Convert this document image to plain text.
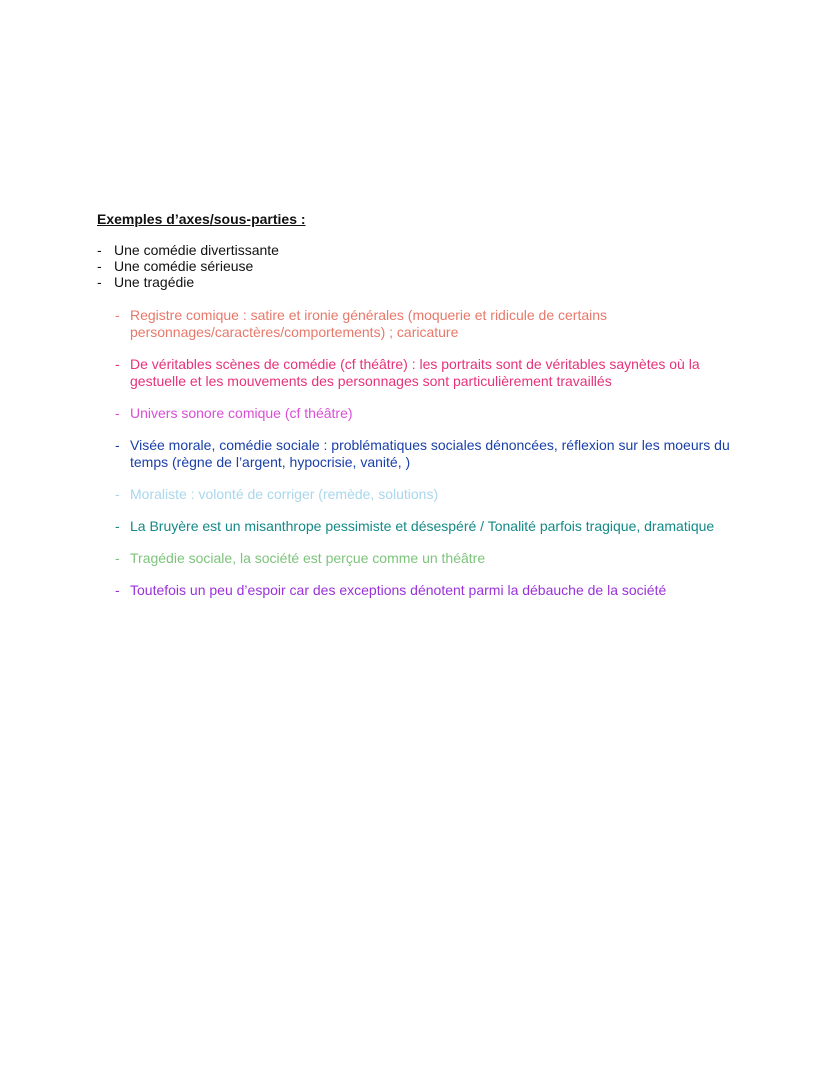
Exemples d’axes/sous-parties :
- Une comédie divertissante
- Une comédie sérieuse
- Une tragédie
- Registre comique : satire et ironie générales (moquerie et ridicule de certains personnages/caractères/comportements) ; caricature
- De véritables scènes de comédie (cf théâtre) : les portraits sont de véritables saynètes où la gestuelle et les mouvements des personnages sont particulièrement travaillés
- Univers sonore comique (cf théâtre)
- Visée morale, comédie sociale : problématiques sociales dénoncées, réflexion sur les moeurs du temps (règne de l’argent, hypocrisie, vanité, )
- Moraliste : volonté de corriger (remède, solutions)
- La Bruyère est un misanthrope pessimiste et désespéré / Tonalité parfois tragique, dramatique
- Tragédie sociale, la société est perçue comme un théâtre
- Toutefois un peu d’espoir car des exceptions dénotent parmi la débauche de la société
